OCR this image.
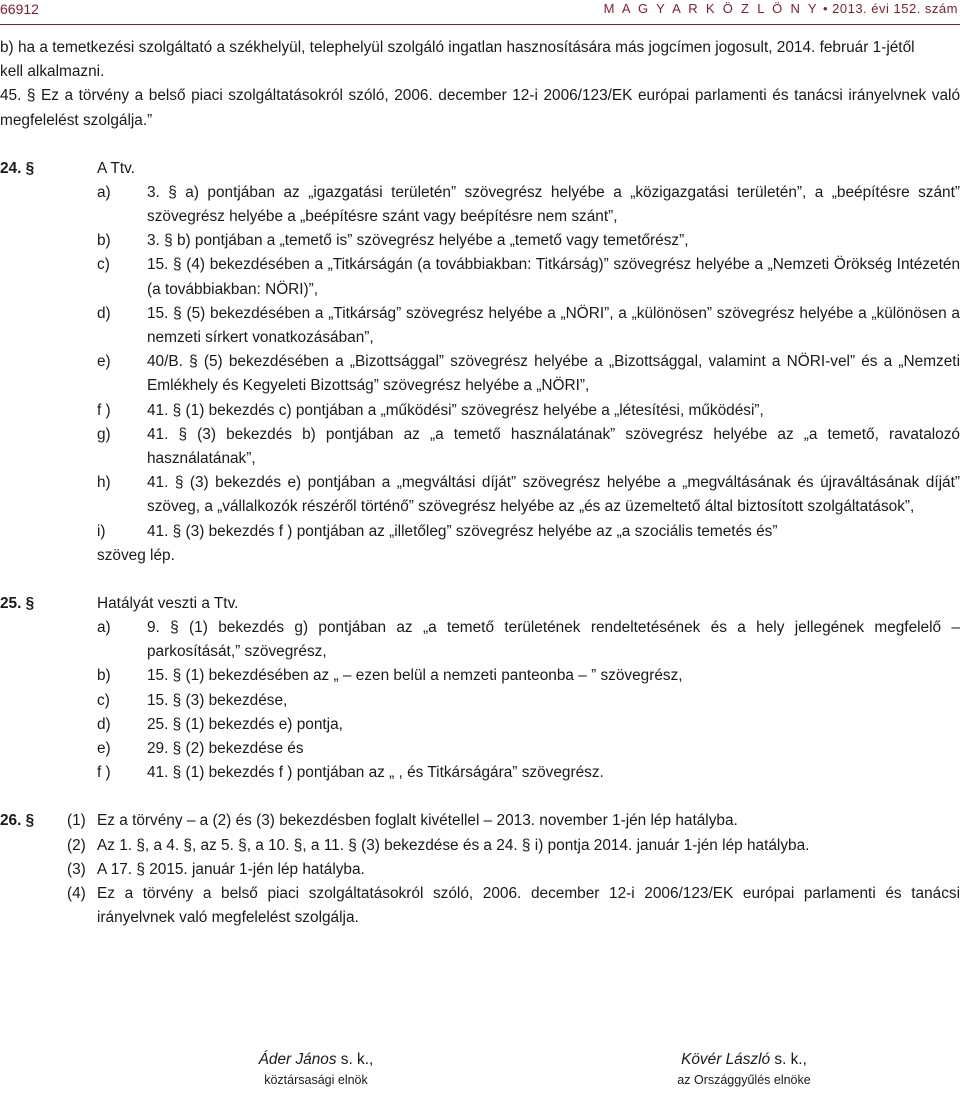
66912	M A G Y A R K Ö Z L Ö N Y • 2013. évi 152. szám

b) ha a temetkezési szolgáltató a székhelyül, telephelyül szolgáló ingatlan hasznosítására más jogcímen jogosult, 2014. február 1-jétől

kell alkalmazni.

45. § Ez a törvény a belső piaci szolgáltatásokról szóló, 2006. december 12-i 2006/123/EK európai parlamenti és tanácsi irányelvnek való megfelelést szolgálja.”

24. §	A Ttv.
a) 3. § a) pontjában az „igazgatási területén” szövegrész helyébe a „közigazgatási területén”, a „beépítésre szánt” szövegrész helyébe a „beépítésre szánt vagy beépítésre nem szánt”,
b) 3. § b) pontjában a „temető is” szövegrész helyébe a „temető vagy temetőrész”,
c) 15. § (4) bekezdésében a „Titkárságán (a továbbiakban: Titkárság)” szövegrész helyébe a „Nemzeti Örökség Intézetén (a továbbiakban: NÖRI)”,
d) 15. § (5) bekezdésében a „Titkárság” szövegrész helyébe a „NÖRI”, a „különösen” szövegrész helyébe a „különösen a nemzeti sírkert vonatkozásában”,
e) 40/B. § (5) bekezdésében a „Bizottsággal” szövegrész helyébe a „Bizottsággal, valamint a NÖRI-vel” és a „Nemzeti Emlékhely és Kegyeleti Bizottság” szövegrész helyébe a „NÖRI”,
f ) 41. § (1) bekezdés c) pontjában a „működési” szövegrész helyébe a „létesítési, működési”,
g) 41. § (3) bekezdés b) pontjában az „a temető használatának” szövegrész helyébe az „a temető, ravatalozó használatának”,
h) 41. § (3) bekezdés e) pontjában a „megváltási díját” szövegrész helyébe a „megváltásának és újraváltásának díját” szöveg, a „vállalkozók részéről történő” szövegrész helyébe az „és az üzemeltető által biztosított szolgáltatások”,
i)	41. § (3) bekezdés f ) pontjában az „illetőleg” szövegrész helyébe az „a szociális temetés és”

szöveg lép.

25. §	Hatályát veszti a Ttv.
a) 9. § (1) bekezdés g) pontjában az „a temető területének rendeltetésének és a hely jellegének megfelelő – parkosítását,” szövegrész,
b) 15. § (1) bekezdésében az „ – ezen belül a nemzeti panteonba – ” szövegrész,
c) 15. § (3) bekezdése,
d) 25. § (1) bekezdés e) pontja,
e) 29. § (2) bekezdése és
f ) 41. § (1) bekezdés f ) pontjában az „ , és Titkárságára” szövegrész.
26. § (1) Ez a törvény – a (2) és (3) bekezdésben foglalt kivétellel – 2013. november 1-jén lép hatályba.
(2) Az 1. §, a 4. §, az 5. §, a 10. §, a 11. § (3) bekezdése és a 24. § i) pontja 2014. január 1-jén lép hatályba.
(3) A 17. § 2015. január 1-jén lép hatályba.
(4) Ez a törvény a belső piaci szolgáltatásokról szóló, 2006. december 12-i 2006/123/EK európai parlamenti és tanácsi irányelvnek való megfelelést szolgálja.
Áder János s. k.,
köztársasági elnök
Kövér László s. k.,
az Országgyűlés elnöke
